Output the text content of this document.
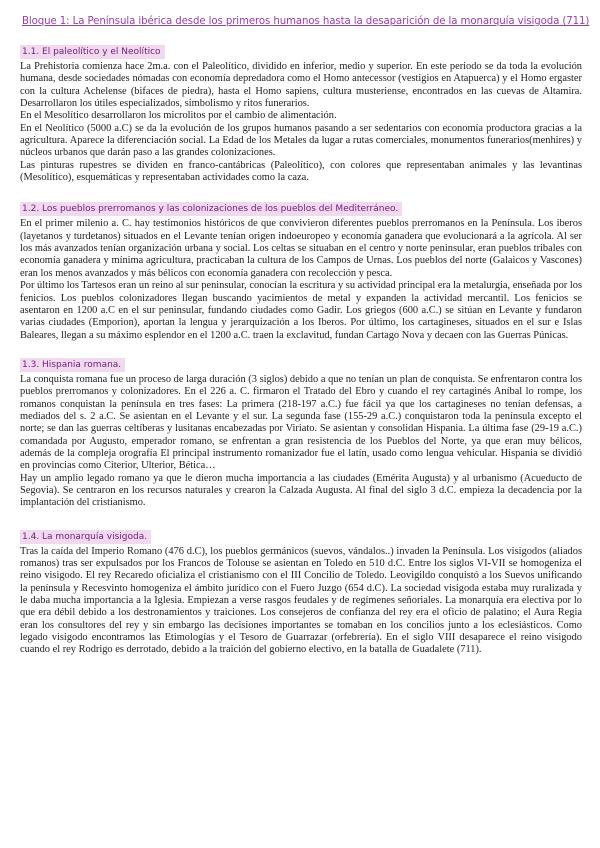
Bloque 1: La Península ibérica desde los primeros humanos hasta la desaparición de la monarquía visigoda (711)
1.1. El paleolítico y el Neolítico

La Prehistoria comienza hace 2m.a. con el Paleolítico, dividido en inferior, medio y superior. En este periodo se da toda la evolución humana, desde sociedades nómadas con economía depredadora como el Homo antecessor (vestigios en Atapuerca) y el Homo ergaster con la cultura Achelense (bifaces de piedra), hasta el Homo sapiens, cultura musteriense, encontrados en las cuevas de Altamira. Desarrollaron los útiles especializados, simbolismo y ritos funerarios.

En el Mesolítico desarrollaron los microlitos por el cambio de alimentación.

En el Neolítico (5000 a.C) se da la evolución de los grupos humanos pasando a ser sedentarios con economía productora gracias a la agricultura. Aparece la diferenciación social. La Edad de los Metales da lugar a rutas comerciales, monumentos funerarios(menhires) y núcleos urbanos que darán paso a las grandes colonizaciones.

Las pinturas rupestres se dividen en franco-cantábricas (Paleolítico), con colores que representaban animales y las levantinas (Mesolítico), esquemáticas y representaban actividades como la caza.

1.2. Los pueblos prerromanos y las colonizaciones de los pueblos del Mediterráneo.

En el primer milenio a. C. hay testimonios históricos de que convivieron diferentes pueblos prerromanos en la Península. Los iberos (layetanos y turdetanos) situados en el Levante tenían origen indoeuropeo y economía ganadera que evolucionará a la agrícola. Al ser los más avanzados tenían organización urbana y social. Los celtas se situaban en el centro y norte peninsular, eran pueblos tribales con economía ganadera y mínima agricultura, practicaban la cultura de los Campos de Urnas. Los pueblos del norte (Galaicos y Vascones) eran los menos avanzados y más bélicos con economía ganadera con recolección y pesca.

Por último los Tartesos eran un reino al sur peninsular, conocían la escritura y su actividad principal era la metalurgia, enseñada por los fenicios. Los pueblos colonizadores llegan buscando yacimientos de metal y expanden la actividad mercantil. Los fenicios se asentaron en 1200 a.C en el sur peninsular, fundando ciudades como Gadir. Los griegos (600 a.C.) se sitúan en Levante y fundaron varias ciudades (Emporion), aportan la lengua y jerarquización a los Iberos. Por último, los cartagineses, situados en el sur e Islas Baleares, llegan a su máximo esplendor en el 1200 a.C. traen la exclavitud, fundan Cartago Nova y decaen con las Guerras Púnicas.

1.3. Hispania romana.

La conquista romana fue un proceso de larga duración (3 siglos) debido a que no tenían un plan de conquista. Se enfrentaron contra los pueblos prerromanos y colonizadores. En el 226 a. C. firmaron el Tratado del Ebro y cuando el rey cartaginés Aníbal lo rompe, los romanos conquistan la península en tres fases: La primera (218-197 a.C.) fue fácil ya que los cartagineses no tenían defensas, a mediados del s. 2 a.C. Se asientan en el Levante y el sur. La segunda fase (155-29 a.C.) conquistaron toda la península excepto el norte; se dan las guerras celtíberas y lusitanas encabezadas por Viriato. Se asientan y consolidan Hispania. La última fase (29-19 a.C.) comandada por Augusto, emperador romano, se enfrentan a gran resistencia de los Pueblos del Norte, ya que eran muy bélicos, además de la compleja orografía El principal instrumento romanizador fue el latín, usado como lengua vehicular. Hispania se dividió en provincias como Citerior, Ulterior, Bética…

Hay un amplio legado romano ya que le dieron mucha importancia a las ciudades (Emérita Augusta) y al urbanismo (Acueducto de Segovia). Se centraron en los recursos naturales y crearon la Calzada Augusta. Al final del siglo 3 d.C. empieza la decadencia por la implantación del cristianismo.

1.4. La monarquía visigoda.

Tras la caída del Imperio Romano (476 d.C), los pueblos germánicos (suevos, vándalos..) invaden la Península. Los visigodos (aliados romanos) tras ser expulsados por los Francos de Tolouse se asientan en Toledo en 510 d.C. Entre los siglos VI-VII se homogeniza el reino visigodo. El rey Recaredo oficializa el cristianismo con el III Concilio de Toledo. Leovigildo conquistó a los Suevos unificando la península y Recesvinto homogeniza el ámbito jurídico con el Fuero Juzgo (654 d.C). La sociedad visigoda estaba muy ruralizada y le daba mucha importancia a la Iglesia. Empiezan a verse rasgos feudales y de regímenes señoriales. La monarquía era electiva por lo que era débil debido a los destronamientos y traiciones. Los consejeros de confianza del rey era el oficio de palatino; el Aura Regia eran los consultores del rey y sin embargo las decisiones importantes se tomaban en los concilios junto a los eclesiásticos. Como legado visigodo encontramos las Etimologías y el Tesoro de Guarrazar (orfebrería). En el siglo VIII desaparece el reino visigodo cuando el rey Rodrigo es derrotado, debido a la traición del gobierno electivo, en la batalla de Guadalete (711).
